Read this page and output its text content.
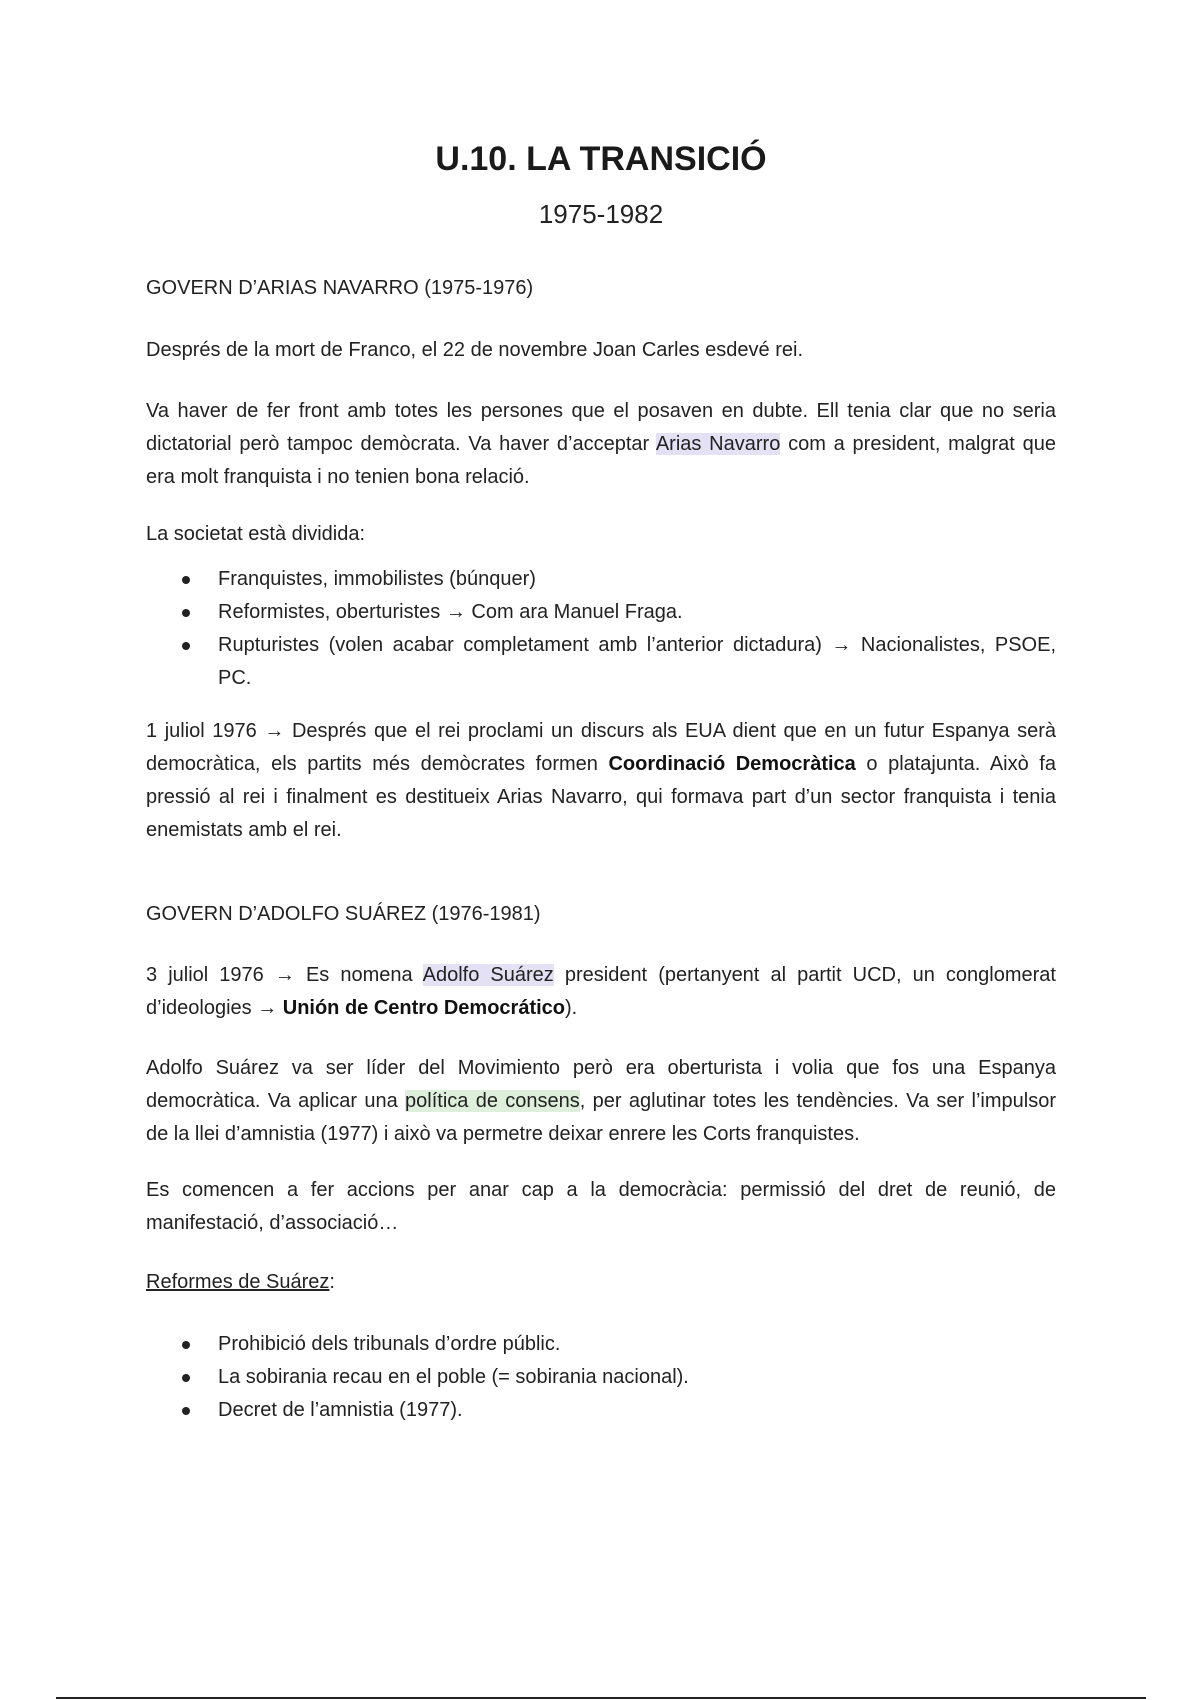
U.10. LA TRANSICIÓ
1975-1982
GOVERN D’ARIAS NAVARRO (1975-1976)

Després de la mort de Franco, el 22 de novembre Joan Carles esdevé rei.

Va haver de fer front amb totes les persones que el posaven en dubte. Ell tenia clar que no seria dictatorial però tampoc demòcrata. Va haver d’acceptar Arias Navarro com a president, malgrat que era molt franquista i no tenien bona relació.

La societat està dividida:

Franquistes, immobilistes (búnquer)
Reformistes, oberturistes → Com ara Manuel Fraga.
Rupturistes (volen acabar completament amb l’anterior dictadura) → Nacionalistes, PSOE, PC.

1 juliol 1976 → Després que el rei proclami un discurs als EUA dient que en un futur Espanya serà democràtica, els partits més demòcrates formen Coordinació Democràtica o platajunta. Això fa pressió al rei i finalment es destitueix Arias Navarro, qui formava part d’un sector franquista i tenia enemistats amb el rei.

GOVERN D’ADOLFO SUÁREZ (1976-1981)

3 juliol 1976 → Es nomena Adolfo Suárez president (pertanyent al partit UCD, un conglomerat d’ideologies → Unión de Centro Democrático).

Adolfo Suárez va ser líder del Movimiento però era oberturista i volia que fos una Espanya democràtica. Va aplicar una política de consens, per aglutinar totes les tendències. Va ser l’impulsor de la llei d’amnistia (1977) i això va permetre deixar enrere les Corts franquistes.

Es comencen a fer accions per anar cap a la democràcia: permissió del dret de reunió, de manifestació, d’associació…

Reformes de Suárez:

Prohibició dels tribunals d’ordre públic.
La sobirania recau en el poble (= sobirania nacional).
Decret de l’amnistia (1977).
